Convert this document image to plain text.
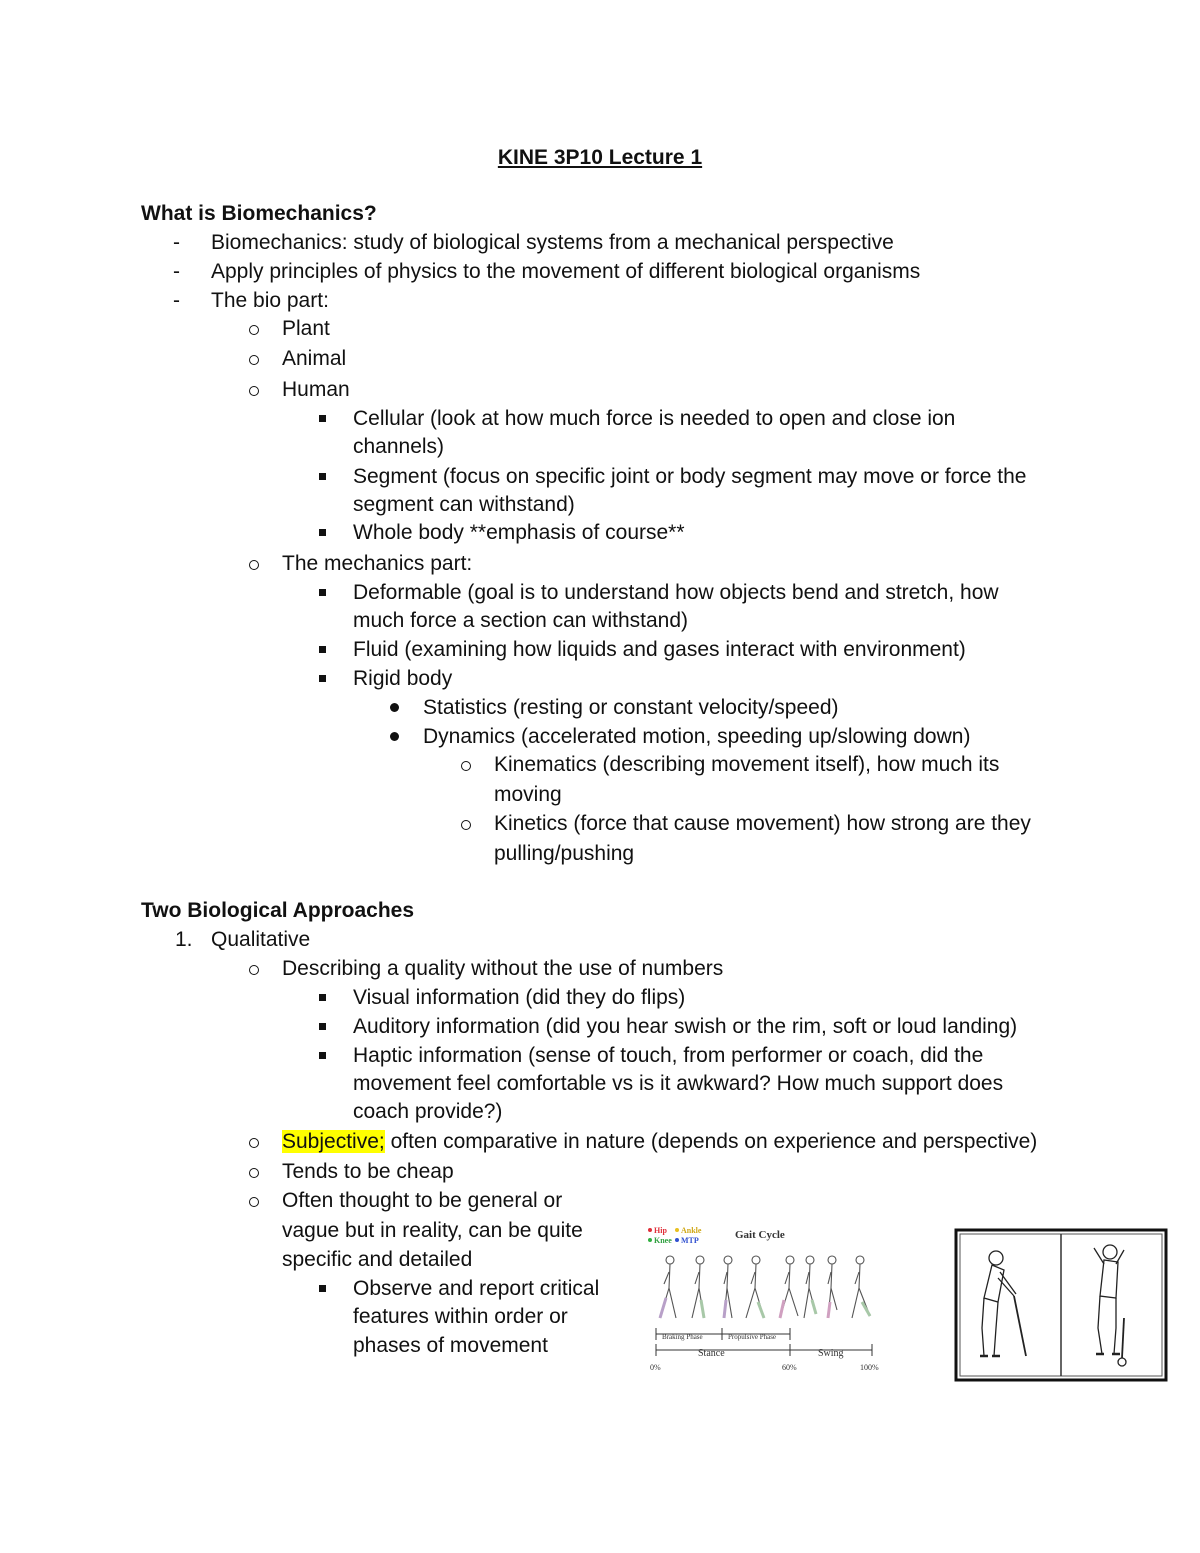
KINE 3P10 Lecture 1
What is Biomechanics?
- Biomechanics: study of biological systems from a mechanical perspective
- Apply principles of physics to the movement of different biological organisms
- The bio part:
Plant
Animal
Human
Cellular (look at how much force is needed to open and close ion
channels)
Segment (focus on specific joint or body segment may move or force the
segment can withstand)
Whole body **emphasis of course**
The mechanics part:
Deformable (goal is to understand how objects bend and stretch, how
much force a section can withstand)
Fluid (examining how liquids and gases interact with environment)
Rigid body
Statistics (resting or constant velocity/speed)
Dynamics (accelerated motion, speeding up/slowing down)
Kinematics (describing movement itself), how much its
moving
Kinetics (force that cause movement) how strong are they
pulling/pushing
Two Biological Approaches
1. Qualitative
Describing a quality without the use of numbers
Visual information (did they do flips)
Auditory information (did you hear swish or the rim, soft or loud landing)
Haptic information (sense of touch, from performer or coach, did the
movement feel comfortable vs is it awkward? How much support does
coach provide?)
Subjective; often comparative in nature (depends on experience and perspective)
Tends to be cheap
Often thought to be general or
vague but in reality, can be quite
specific and detailed
Observe and report critical
features within order or
phases of movement
Hip Ankle
Knee MTP	Gait Cycle
Braking Phase	Propulsive Phase
Stance	Swing
0%	60%	100%
